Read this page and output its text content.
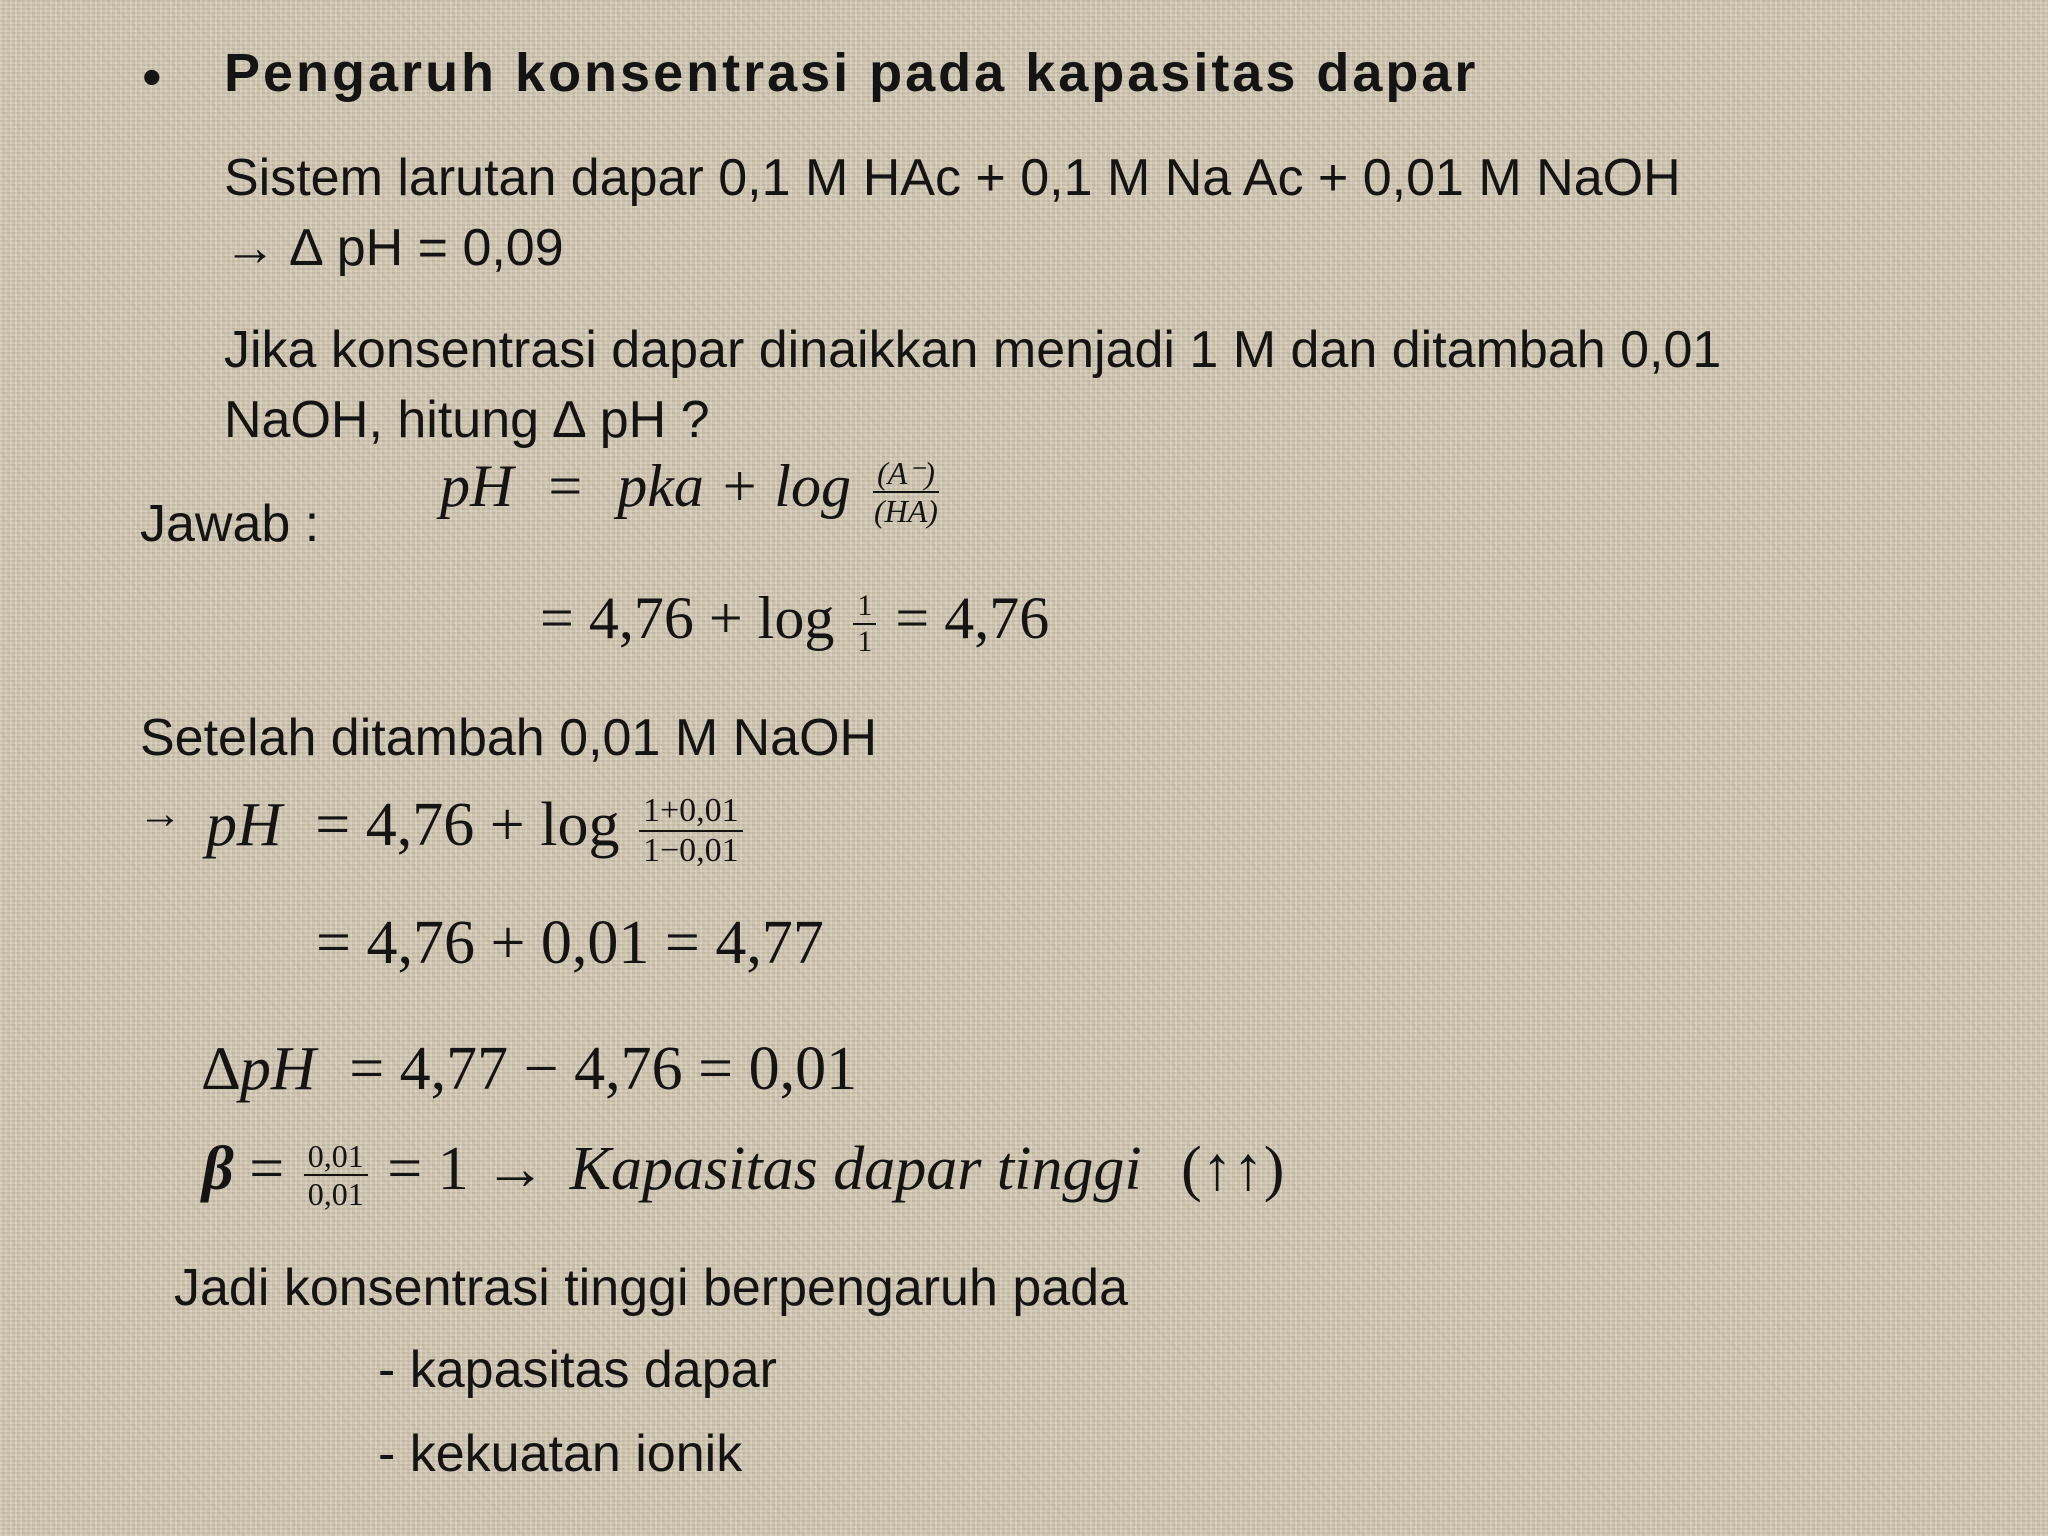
• Pengaruh konsentrasi pada kapasitas dapar
Sistem larutan dapar 0,1 M HAc + 0,1 M Na Ac + 0,01 M NaOH
→ ∆ pH = 0,09
Jika konsentrasi dapar dinaikkan menjadi 1 M dan ditambah 0,01
NaOH, hitung ∆ pH ?
Jawab :
pH = pka + $\log \frac{(A^-)}{(HA)}$
= $4,76 + \log \frac{1}{1} = 4,76$
Setelah ditambah 0,01 M NaOH
→ pH = $4,76 + \log \frac{1+0,01}{1-0,01}$
= 4,76 + 0,01 = 4,77
∆pH = 4,77 − 4,76 = 0,01
$\beta = \frac{0,01}{0,01} = 1$ → Kapasitas dapar tinggi (↑↑)
Jadi konsentrasi tinggi berpengaruh pada
- kapasitas dapar
- kekuatan ionik
